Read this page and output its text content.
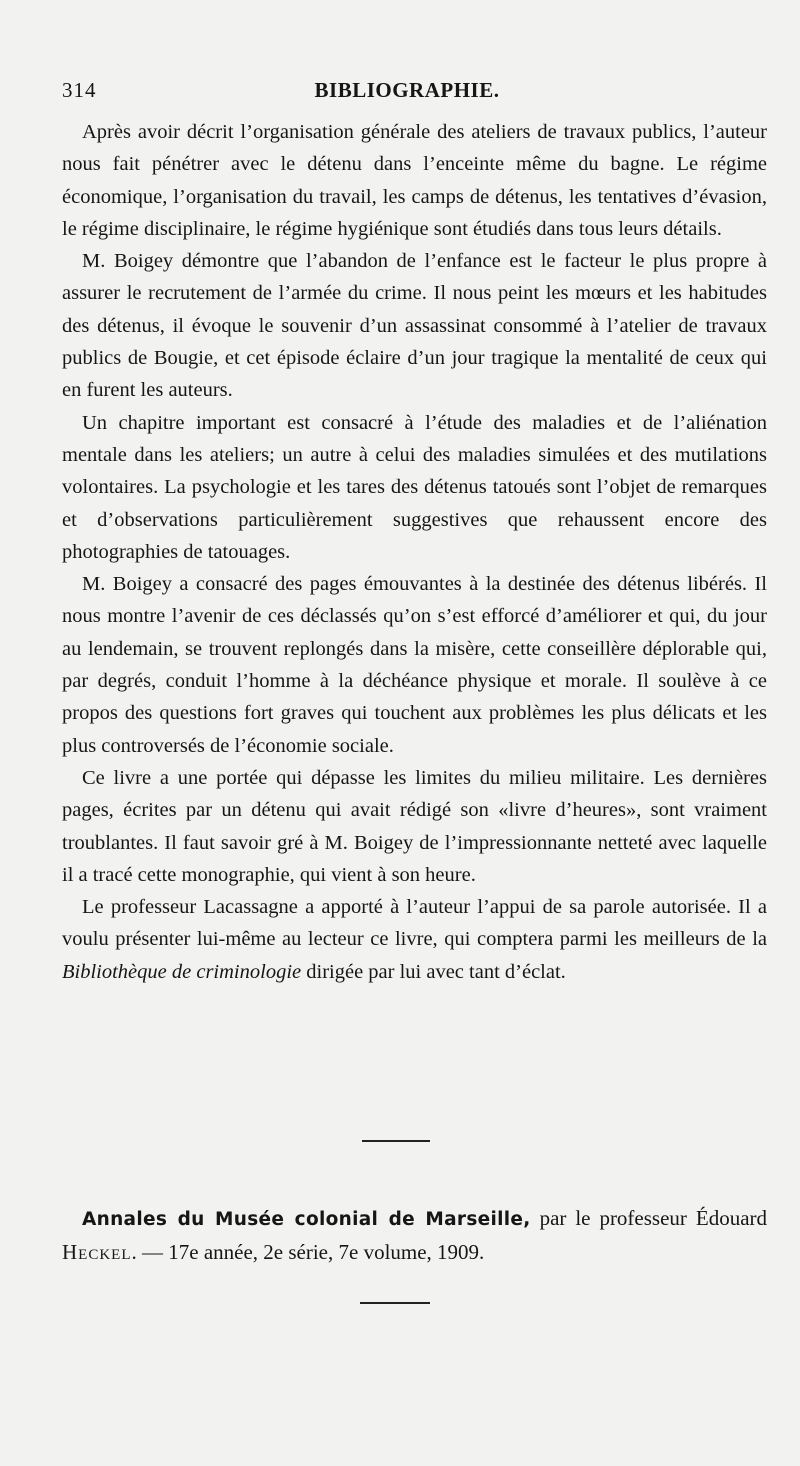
314	BIBLIOGRAPHIE.

Après avoir décrit l’organisation générale des ateliers de travaux publics, l’auteur nous fait pénétrer avec le détenu dans l’enceinte même du bagne. Le régime économique, l’organisation du travail, les camps de détenus, les tentatives d’évasion, le régime disciplinaire, le régime hygiénique sont étudiés dans tous leurs détails.

M. Boigey démontre que l’abandon de l’enfance est le facteur le plus propre à assurer le recrutement de l’armée du crime. Il nous peint les mœurs et les habitudes des détenus, il évoque le souvenir d’un assassinat consommé à l’atelier de travaux publics de Bougie, et cet épisode éclaire d’un jour tragique la mentalité de ceux qui en furent les auteurs.

Un chapitre important est consacré à l’étude des maladies et de l’aliénation mentale dans les ateliers; un autre à celui des maladies simulées et des mutilations volontaires. La psychologie et les tares des détenus tatoués sont l’objet de remarques et d’observations particulièrement suggestives que rehaussent encore des photographies de tatouages.

M. Boigey a consacré des pages émouvantes à la destinée des détenus libérés. Il nous montre l’avenir de ces déclassés qu’on s’est efforcé d’améliorer et qui, du jour au lendemain, se trouvent replongés dans la misère, cette conseillère déplorable qui, par degrés, conduit l’homme à la déchéance physique et morale. Il soulève à ce propos des questions fort graves qui touchent aux problèmes les plus délicats et les plus controversés de l’économie sociale.

Ce livre a une portée qui dépasse les limites du milieu militaire. Les dernières pages, écrites par un détenu qui avait rédigé son «livre d’heures», sont vraiment troublantes. Il faut savoir gré à M. Boigey de l’impressionnante netteté avec laquelle il a tracé cette monographie, qui vient à son heure.

Le professeur Lacassagne a apporté à l’auteur l’appui de sa parole autorisée. Il a voulu présenter lui-même au lecteur ce livre, qui comptera parmi les meilleurs de la Bibliothèque de criminologie dirigée par lui avec tant d’éclat.

Annales du Musée colonial de Marseille, par le professeur Édouard Heckel. — 17e année, 2e série, 7e volume, 1909.
